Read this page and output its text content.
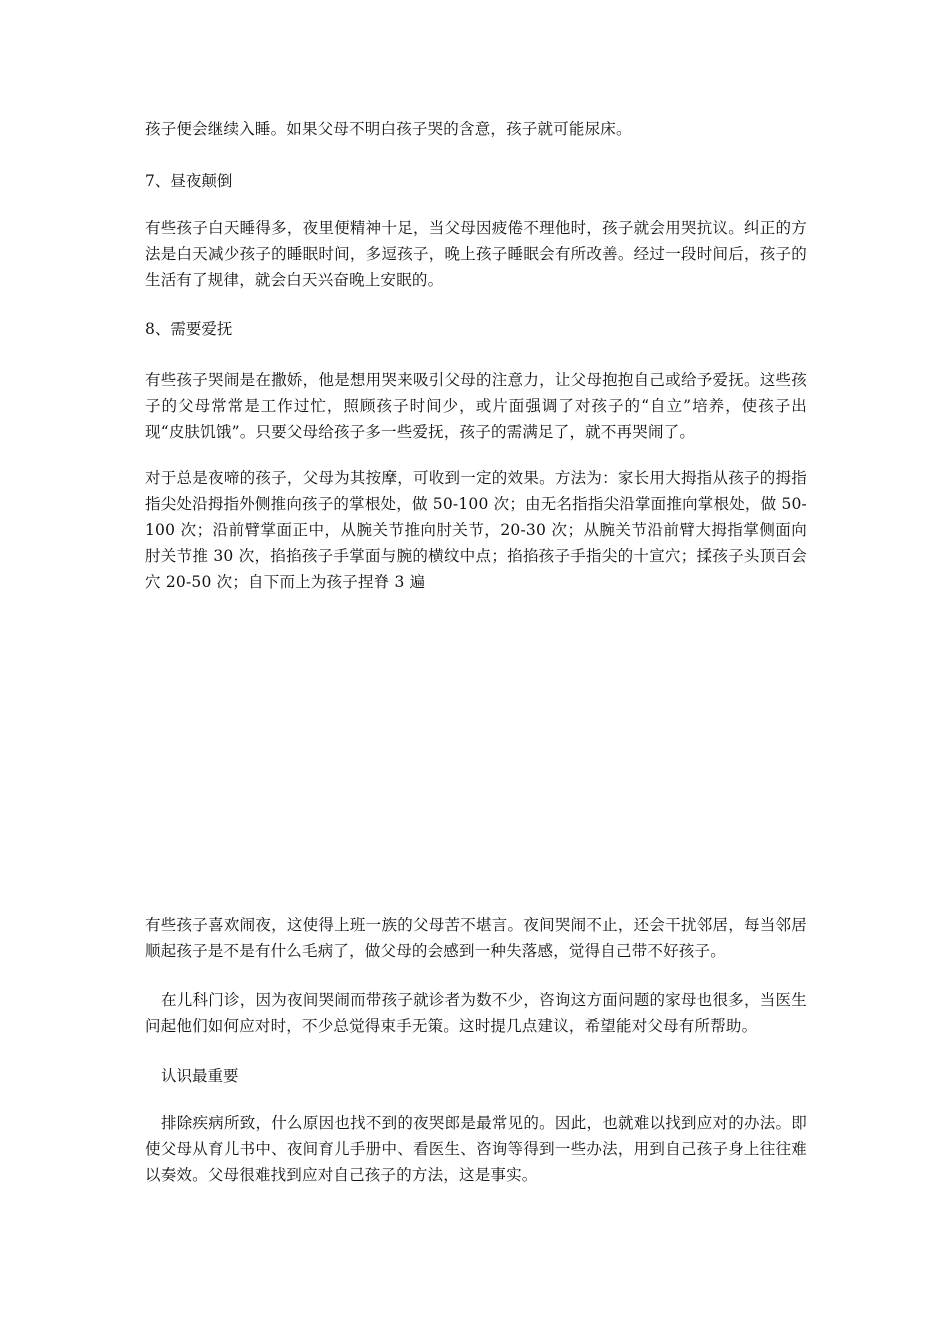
孩子便会继续入睡。如果父母不明白孩子哭的含意，孩子就可能尿床。

7、昼夜颠倒

有些孩子白天睡得多，夜里便精神十足，当父母因疲倦不理他时，孩子就会用哭抗议。纠正的方法是白天减少孩子的睡眠时间，多逗孩子，晚上孩子睡眠会有所改善。经过一段时间后，孩子的生活有了规律，就会白天兴奋晚上安眠的。

8、需要爱抚

有些孩子哭闹是在撒娇，他是想用哭来吸引父母的注意力，让父母抱抱自己或给予爱抚。这些孩子的父母常常是工作过忙，照顾孩子时间少，或片面强调了对孩子的“自立”培养，使孩子出现“皮肤饥饿”。只要父母给孩子多一些爱抚，孩子的需满足了，就不再哭闹了。

对于总是夜啼的孩子，父母为其按摩，可收到一定的效果。方法为：家长用大拇指从孩子的拇指指尖处沿拇指外侧推向孩子的掌根处，做 50-100 次；由无名指指尖沿掌面推向掌根处，做 50-100 次；沿前臂掌面正中，从腕关节推向肘关节，20-30 次；从腕关节沿前臂大拇指掌侧面向肘关节推 30 次，掐掐孩子手掌面与腕的横纹中点；掐掐孩子手指尖的十宣穴；揉孩子头顶百会穴 20-50 次；自下而上为孩子捏脊 3 遍

有些孩子喜欢闹夜，这使得上班一族的父母苦不堪言。夜间哭闹不止，还会干扰邻居，每当邻居顺起孩子是不是有什么毛病了，做父母的会感到一种失落感，觉得自己带不好孩子。

在儿科门诊，因为夜间哭闹而带孩子就诊者为数不少，咨询这方面问题的家母也很多，当医生问起他们如何应对时，不少总觉得束手无策。这时提几点建议，希望能对父母有所帮助。

认识最重要

排除疾病所致，什么原因也找不到的夜哭郎是最常见的。因此，也就难以找到应对的办法。即使父母从育儿书中、夜间育儿手册中、看医生、咨询等得到一些办法，用到自己孩子身上往往难以奏效。父母很难找到应对自己孩子的方法，这是事实。
